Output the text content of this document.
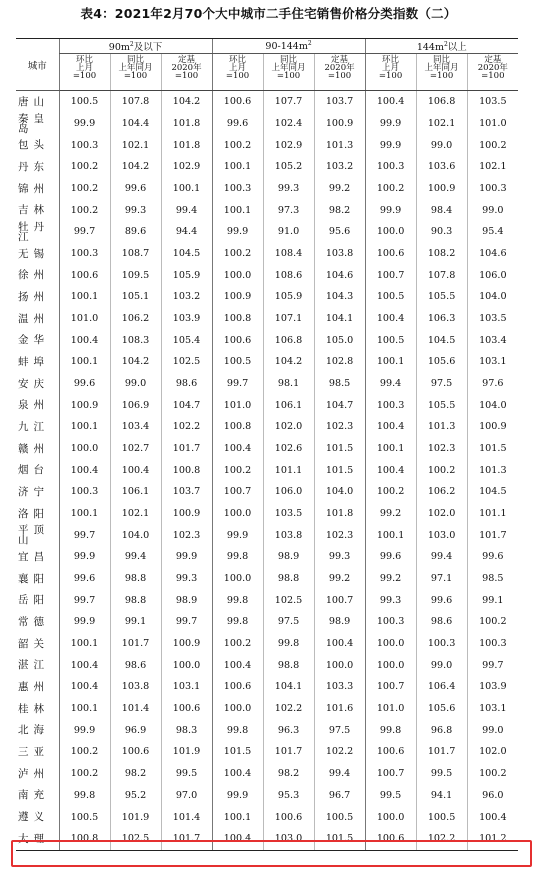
表4：2021年2月70个大中城市二手住宅销售价格分类指数（二）
城市	$90m^2$及以下			$90-144m^2$			$144m^2$以上		

	环比
上月
=100	同比
上年同月
=100	定基
2020年
=100	环比
上月
=100	同比
上年同月
=100	定基
2020年
=100	环比
上月
=100	同比
上年同月
=100	定基
2020年
=100

唐山	100.5	107.8	104.2	100.6	107.7	103.7	100.4	106.8	103.5
秦皇岛	99.9	104.4	101.8	99.6	102.4	100.9	99.9	102.1	101.0
包头	100.3	102.1	101.8	100.2	102.9	101.3	99.9	99.0	100.2
丹东	100.2	104.2	102.9	100.1	105.2	103.2	100.3	103.6	102.1
锦州	100.2	99.6	100.1	100.3	99.3	99.2	100.2	100.9	100.3
吉林	100.2	99.3	99.4	100.1	97.3	98.2	99.9	98.4	99.0
牡丹江	99.7	89.6	94.4	99.9	91.0	95.6	100.0	90.3	95.4
无锡	100.3	108.7	104.5	100.2	108.4	103.8	100.6	108.2	104.6
徐州	100.6	109.5	105.9	100.0	108.6	104.6	100.7	107.8	106.0
扬州	100.1	105.1	103.2	100.9	105.9	104.3	100.5	105.5	104.0
温州	101.0	106.2	103.9	100.8	107.1	104.1	100.4	106.3	103.5
金华	100.4	108.3	105.4	100.6	106.8	105.0	100.5	104.5	103.4
蚌埠	100.1	104.2	102.5	100.5	104.2	102.8	100.1	105.6	103.1
安庆	99.6	99.0	98.6	99.7	98.1	98.5	99.4	97.5	97.6
泉州	100.9	106.9	104.7	101.0	106.1	104.7	100.3	105.5	104.0
九江	100.1	103.4	102.2	100.8	102.0	102.3	100.4	101.3	100.9
赣州	100.0	102.7	101.7	100.4	102.6	101.5	100.1	102.3	101.5
烟台	100.4	100.4	100.8	100.2	101.1	101.5	100.4	100.2	101.3
济宁	100.3	106.1	103.7	100.7	106.0	104.0	100.2	106.2	104.5
洛阳	100.1	102.1	100.9	100.0	103.5	101.8	99.2	102.0	101.1
平顶山	99.7	104.0	102.3	99.9	103.8	102.3	100.1	103.0	101.7
宜昌	99.9	99.4	99.9	99.8	98.9	99.3	99.6	99.4	99.6
襄阳	99.6	98.8	99.3	100.0	98.8	99.2	99.2	97.1	98.5
岳阳	99.7	98.8	98.9	99.8	102.5	100.7	99.3	99.6	99.1
常德	99.9	99.1	99.7	99.8	97.5	98.9	100.3	98.6	100.2
韶关	100.1	101.7	100.9	100.2	99.8	100.4	100.0	100.3	100.3
湛江	100.4	98.6	100.0	100.4	98.8	100.0	100.0	99.0	99.7
惠州	100.4	103.8	103.1	100.6	104.1	103.3	100.7	106.4	103.9
桂林	100.1	101.4	100.6	100.0	102.2	101.6	101.0	105.6	103.1
北海	99.9	96.9	98.3	99.8	96.3	97.5	99.8	96.8	99.0
三亚	100.2	100.6	101.9	101.5	101.7	102.2	100.6	101.7	102.0
泸州	100.2	98.2	99.5	100.4	98.2	99.4	100.7	99.5	100.2
南充	99.8	95.2	97.0	99.9	95.3	96.7	99.5	94.1	96.0
遵义	100.5	101.9	101.4	100.1	100.6	100.5	100.0	100.5	100.4
大理	100.8	102.5	101.7	100.4	103.0	101.5	100.6	102.2	101.2
